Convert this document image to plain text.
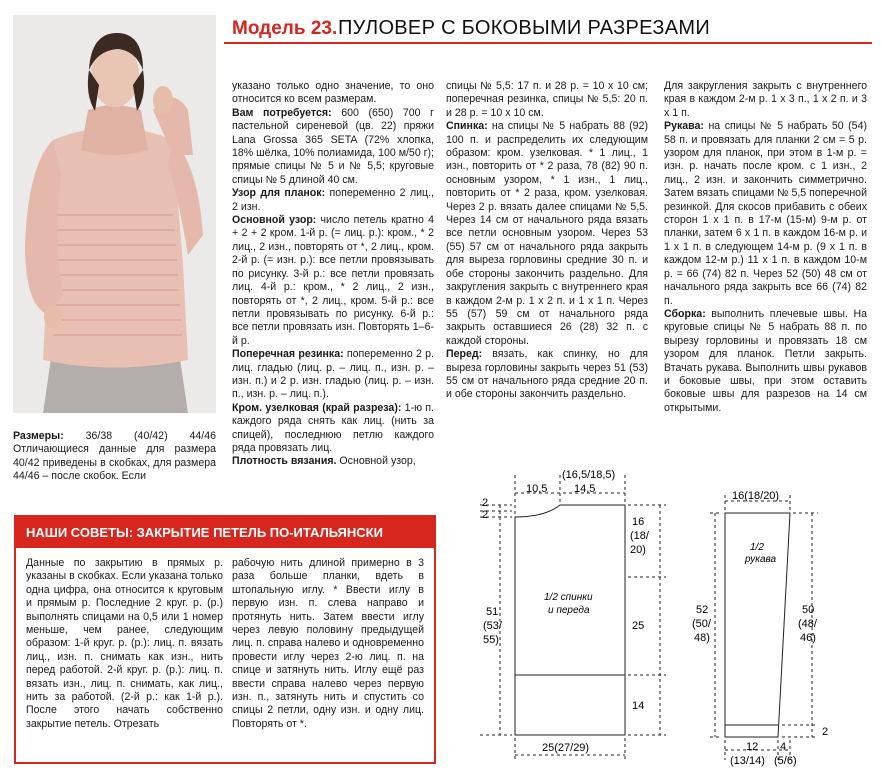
Модель 23. ПУЛОВЕР С БОКОВЫМИ РАЗРЕЗАМИ

Размеры: 36/38 (40/42) 44/46 Отличающиеся данные для размера 40/42 приведены в скобках, для размера 44/46 – после скобок. Если

указано только одно значение, то оно относится ко всем размерам.

Вам потребуется: 600 (650) 700 г пастельной сиреневой (цв. 22) пряжи Lana Grossa 365 SETA (72% хлопка, 18% шёлка, 10% полиамида, 100 м/50 г); прямые спицы № 5 и № 5,5; круговые спицы № 5 длиной 40 см.

Узор для планок: попеременно 2 лиц., 2 изн.

Основной узор: число петель кратно 4 + 2 + 2 кром. 1-й р. (= лиц. р.): кром., * 2 лиц., 2 изн., повторять от *, 2 лиц., кром. 2-й р. (= изн. р.): все петли провязывать по рисунку. 3-й р.: все петли провязать лиц. 4-й р.: кром., * 2 лиц., 2 изн., повторять от *, 2 лиц., кром. 5-й р.: все петли провязывать по рисунку. 6-й р.: все петли провязать изн. Повторять 1–6-й р.

Поперечная резинка: попеременно 2 р. лиц. гладью (лиц. р. – лиц. п., изн. р. – изн. п.) и 2 р. изн. гладью (лиц. р. – изн. п., изн. р. – лиц. п.).

Кром. узелковая (край разреза): 1-ю п. каждого ряда снять как лиц. (нить за спицей), последнюю петлю каждого ряда провязать лиц.

Плотность вязания. Основной узор,

спицы № 5,5: 17 п. и 28 р. = 10 x 10 см; поперечная резинка, спицы № 5,5: 20 п. и 28 р. = 10 x 10 см.

Спинка: на спицы № 5 набрать 88 (92) 100 п. и распределить их следующим образом: кром. узелковая. * 1 лиц., 1 изн., повторить от * 2 раза, 78 (82) 90 п. основным узором, * 1 изн., 1 лиц., повторить от * 2 раза, кром. узелковая. Через 2 р. вязать далее спицами № 5,5. Через 14 см от начального ряда вязать все петли основным узором. Через 53 (55) 57 см от начального ряда закрыть для выреза горловины средние 30 п. и обе стороны закончить раздельно. Для закругления закрыть с внутреннего края в каждом 2-м р. 1 x 2 п. и 1 x 1 п. Через 55 (57) 59 см от начального ряда закрыть оставшиеся 26 (28) 32 п. с каждой стороны.

Перед: вязать, как спинку, но для выреза горловины закрыть через 51 (53) 55 см от начального ряда средние 20 п. и обе стороны закончить раздельно.

Для закругления закрыть с внутреннего края в каждом 2-м р. 1 x 3 п., 1 x 2 п. и 3 x 1 п.

Рукава: на спицы № 5 набрать 50 (54) 58 п. и провязать для планки 2 см = 5 р. узором для планок, при этом в 1-м р. = изн. р. начать после кром. с 1 изн., 2 лиц., 2 изн. и закончить симметрично. Затем вязать спицами № 5,5 поперечной резинкой. Для скосов прибавить с обеих сторон 1 x 1 п. в 17-м (15-м) 9-м р. от планки, затем 6 x 1 п. в каждом 16-м р. и 1 x 1 п. в следующем 14-м р. (9 x 1 п. в каждом 12-м р.) 11 x 1 п. в каждом 10-м р. = 66 (74) 82 п. Через 52 (50) 48 см от начального ряда закрыть все 66 (74) 82 п.

Сборка: выполнить плечевые швы. На круговые спицы № 5 набрать 88 п. по вырезу горловины и провязать 18 см узором для планок. Петли закрыть. Втачать рукава. Выполнить швы рукавов и боковые швы, при этом оставить боковые швы для разрезов на 14 см открытыми.

НАШИ СОВЕТЫ: ЗАКРЫТИЕ ПЕТЕЛЬ ПО-ИТАЛЬЯНСКИ
Данные по закрытию в прямых р. указаны в скобках. Если указана только одна цифра, она относится к круговым и прямым р. Последние 2 круг. р. (р.) выполнять спицами на 0,5 или 1 номер меньше, чем ранее, следующим образом: 1-й круг. р. (р.): лиц. п. вязать лиц., изн. п. снимать как изн., нить перед работой. 2-й круг. р. (р.): лиц. п. вязать изн., лиц. п. снимать, как лиц., нить за работой. (2-й р.: как 1-й р.). После этого начать собственно закрытие петель. Отрезать
рабочую нить длиной примерно в 3 раза больше планки, вдеть в штопальную иглу. * Ввести иглу в первую изн. п. слева направо и протянуть нить. Затем ввести иглу через левую половину предыдущей лиц. п. справа налево и одновременно провести иглу через 2-ю лиц. п. на спице и затянуть нить. Иглу ещё раз ввести справа налево через первую изн. п., затянуть нить и спустить со спицы 2 петли, одну изн. и одну лиц. Повторять от *.
10,5
(16,5/18,5)
14,5
2
2
16
(18/
20)
51
(53/
55)
25
14
25(27/29)
1/2 спинки
и переда
16(18/20)
1/2
рукава
52
(50/
48)
50
(48/
46)
2
12 4
(13/14) (5/6)
